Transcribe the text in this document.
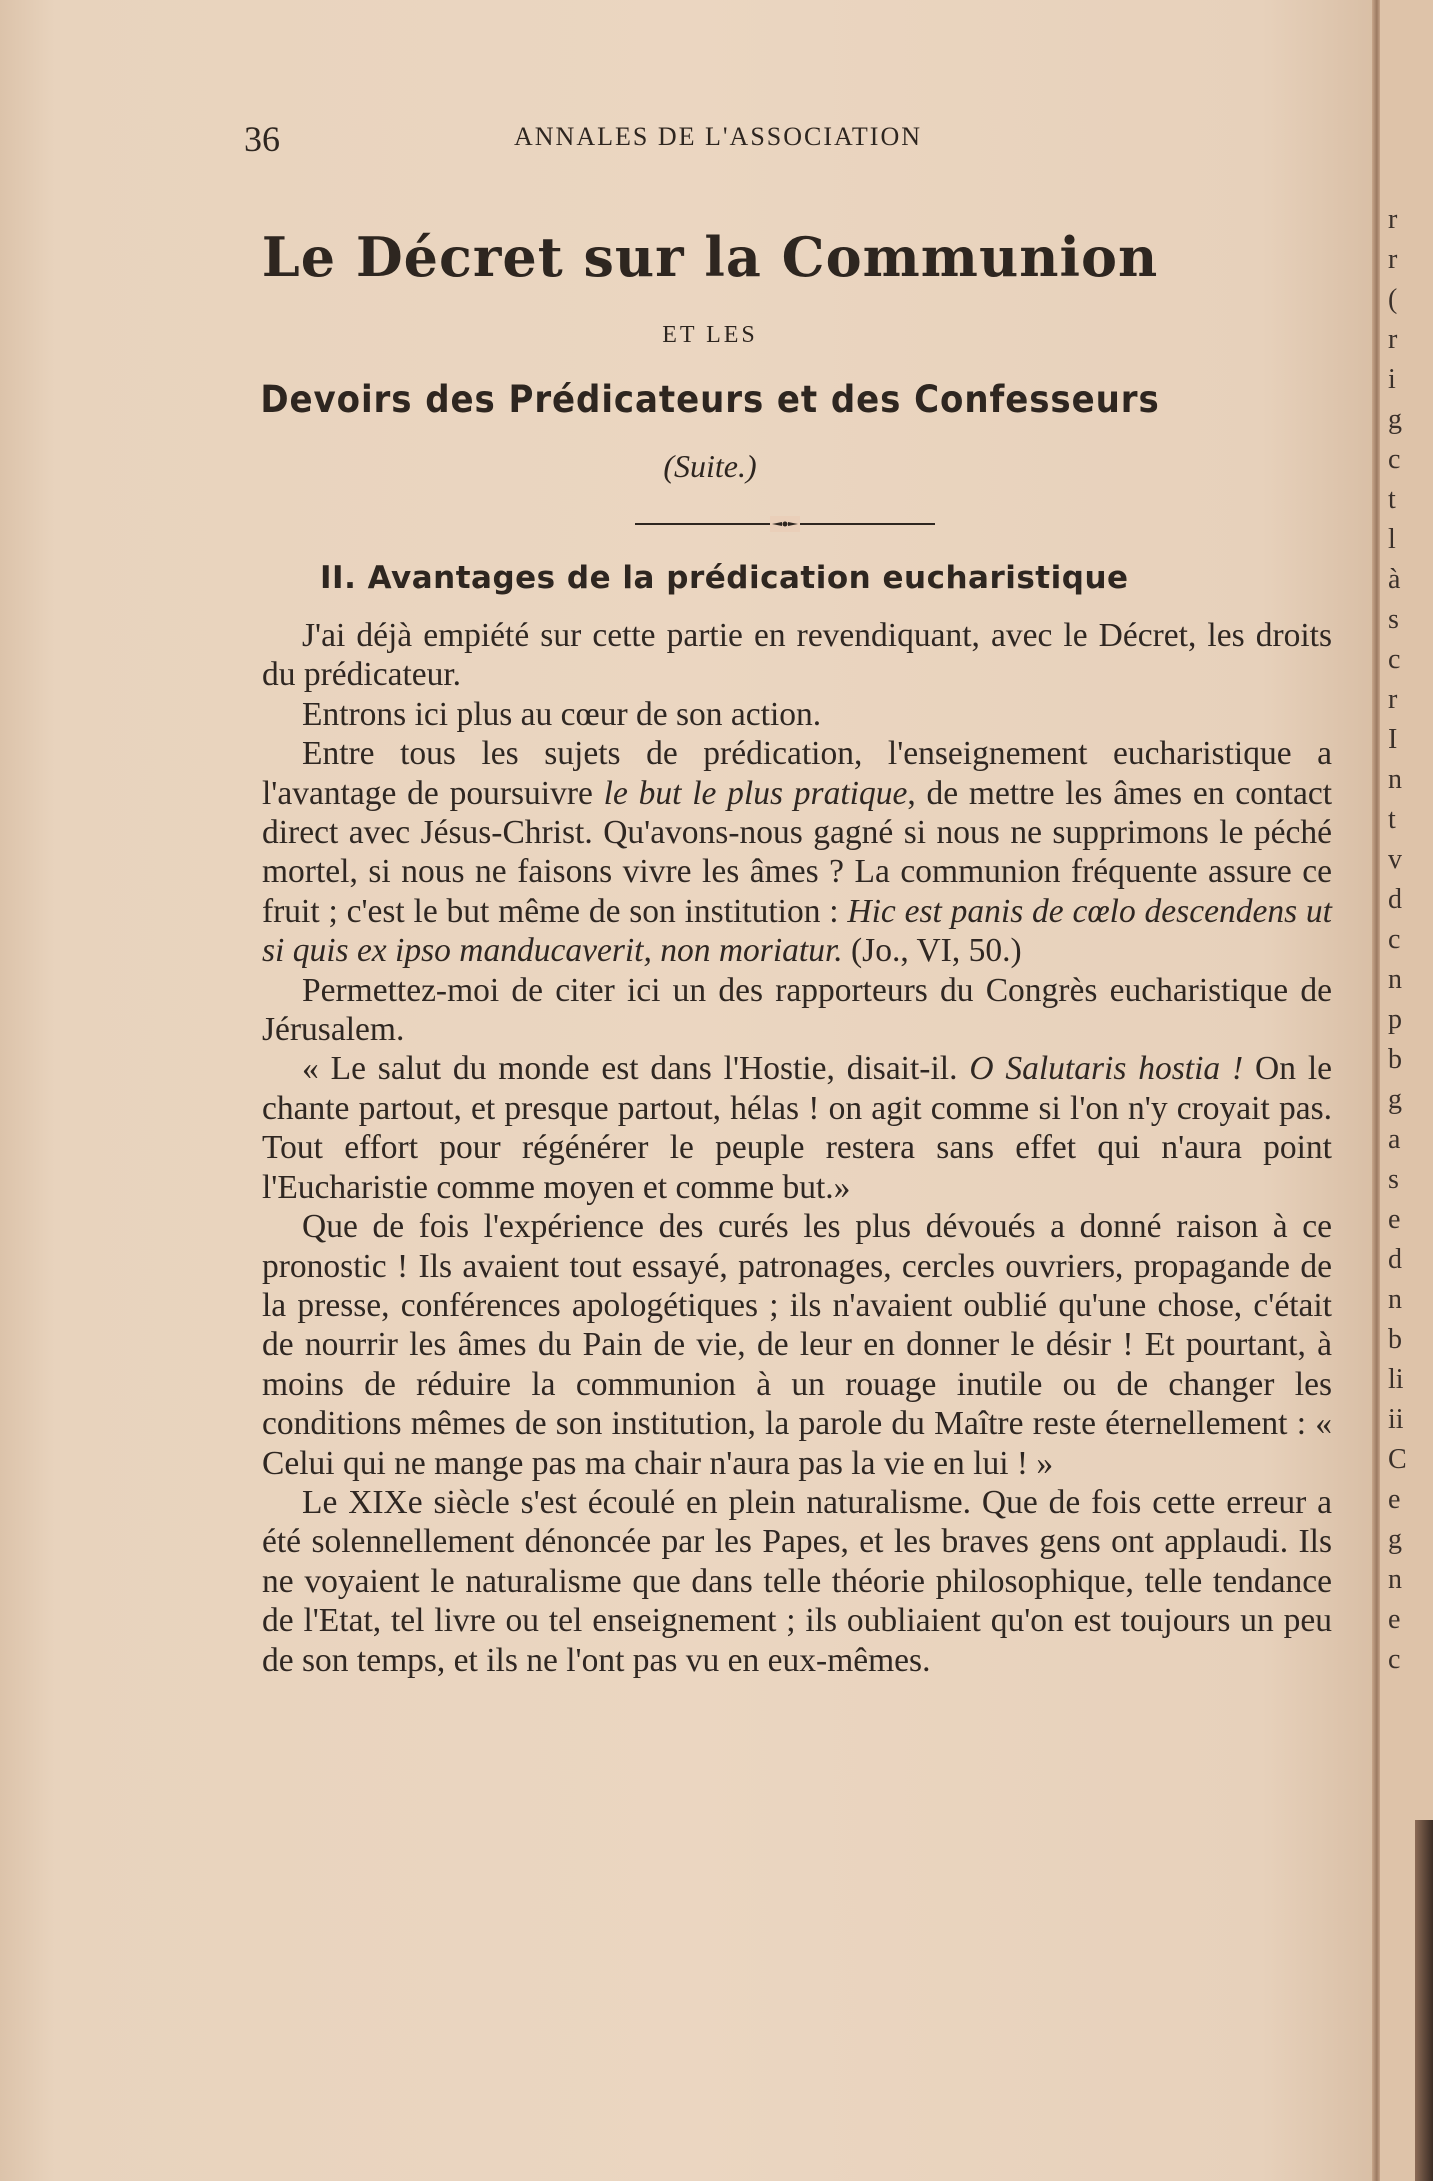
36	ANNALES DE L'ASSOCIATION
Le Décret sur la Communion
ET LES
Devoirs des Prédicateurs et des Confesseurs
(Suite.)
II. Avantages de la prédication eucharistique

J'ai déjà empiété sur cette partie en revendiquant, avec le Décret, les droits du prédicateur.

Entrons ici plus au cœur de son action.

Entre tous les sujets de prédication, l'enseignement eucharistique a l'avantage de poursuivre le but le plus pratique, de mettre les âmes en contact direct avec Jésus-Christ. Qu'avons-nous gagné si nous ne supprimons le péché mortel, si nous ne faisons vivre les âmes ? La communion fréquente assure ce fruit ; c'est le but même de son institution : Hic est panis de cœlo descendens ut si quis ex ipso manducaverit, non moriatur. (Jo., VI, 50.)

Permettez-moi de citer ici un des rapporteurs du Congrès eucharistique de Jérusalem.

« Le salut du monde est dans l'Hostie, disait-il. O Salutaris hostia ! On le chante partout, et presque partout, hélas ! on agit comme si l'on n'y croyait pas. Tout effort pour régénérer le peuple restera sans effet qui n'aura point l'Eucharistie comme moyen et comme but.»

Que de fois l'expérience des curés les plus dévoués a donné raison à ce pronostic ! Ils avaient tout essayé, patronages, cercles ouvriers, propagande de la presse, conférences apologétiques ; ils n'avaient oublié qu'une chose, c'était de nourrir les âmes du Pain de vie, de leur en donner le désir ! Et pourtant, à moins de réduire la communion à un rouage inutile ou de changer les conditions mêmes de son institution, la parole du Maître reste éternellement : « Celui qui ne mange pas ma chair n'aura pas la vie en lui ! »

Le XIXe siècle s'est écoulé en plein naturalisme. Que de fois cette erreur a été solennellement dénoncée par les Papes, et les braves gens ont applaudi. Ils ne voyaient le naturalisme que dans telle théorie philosophique, telle tendance de l'Etat, tel livre ou tel enseignement ; ils oubliaient qu'on est toujours un peu de son temps, et ils ne l'ont pas vu en eux-mêmes.

r
r
(
r
i
g
c
t
l
à
s
c
r
I
n
t
v
d
c
n
p
b
g
a
s
e
d
n
b
li
ii
C
e
g
n
e
c
